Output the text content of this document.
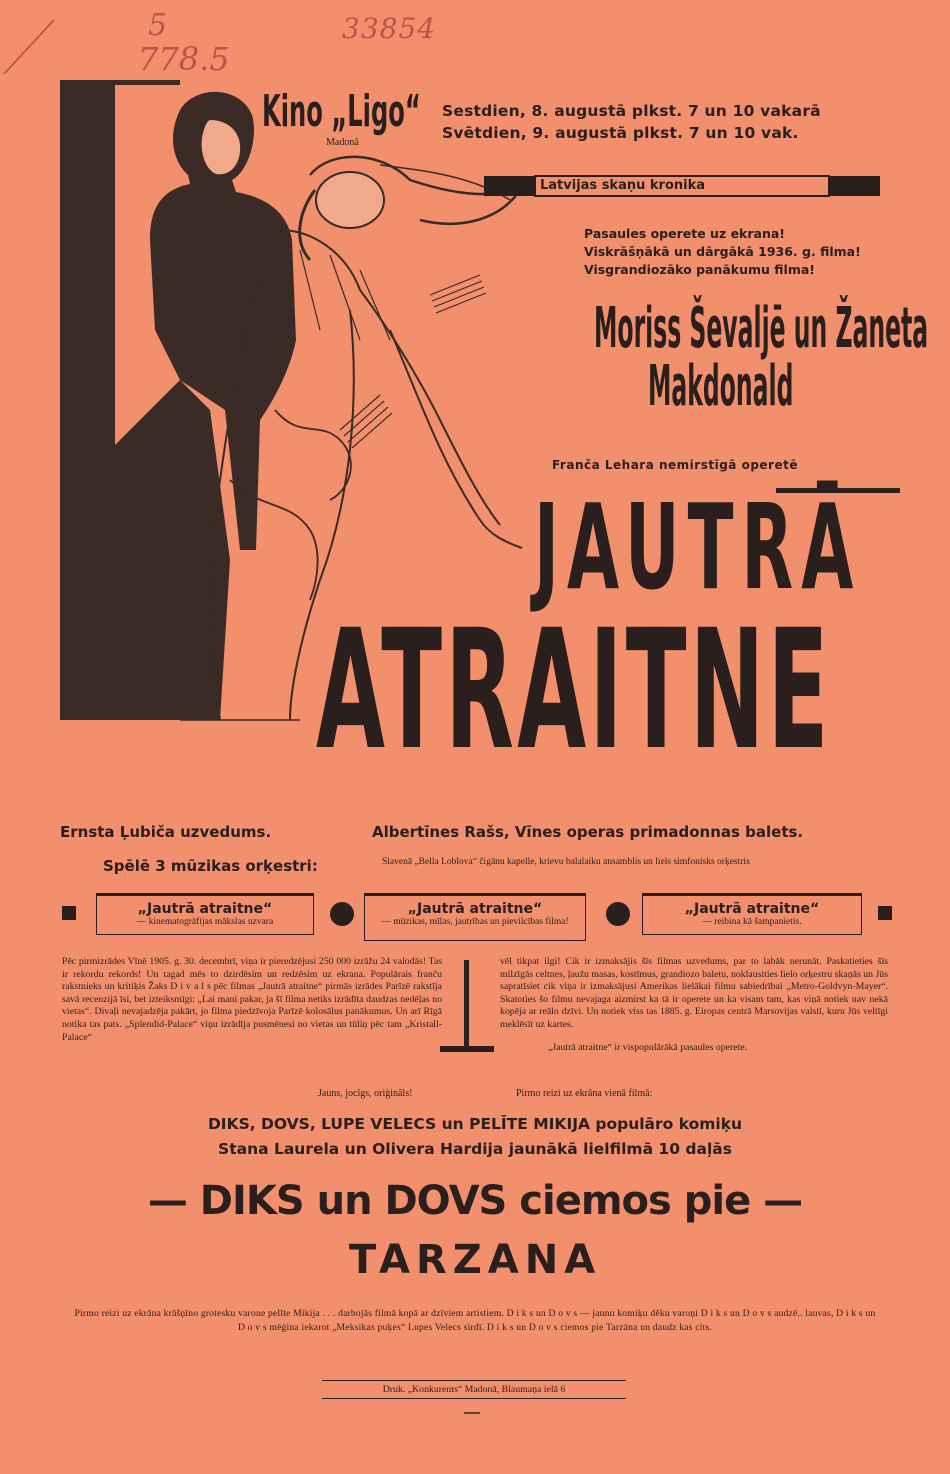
33854
5
778.5
Kino „Ligo“
Madonā
Sestdien, 8. augustā plkst. 7 un 10 vakarā
Svētdien, 9. augustā plkst. 7 un 10 vak.
Latvijas skaņu kronika
Pasaules operete uz ekrana!
Viskrāšņākā un dārgākā 1936. g. filma!
Visgrandiozāko panākumu filma!
Moriss Ševaljē un Žaneta
Makdonald
Franča Lehara nemirstīgā operetē
JAUTRĀ
ATRAITNE
Ernsta Ļubiča uzvedums.	Albertīnes Rašs, Vīnes operas primadonnas balets.
Spēlē 3 mūzikas orķestri:	Slavenā „Bella Loblova“ čigānu kapelle, krievu balalaiku ansamblis un liels simfonisks orķestris
„Jautrā atraitne“
— kinematogrāfijas mākslas uzvara
„Jautrā atraitne“
— mūzikas, mīlas, jautrības un pievilcības filma!
„Jautrā atraitne“
— reibina kā šampanietis.
Pēc pirmizrādes Vīnē 1905. g. 30. decembrī, viņa ir pieredzējusi 250 000 izrāžu 24 valodās! Tas ir rekordu rekords! Un tagad mēs to dzirdēsim un redzēsim uz ekrana. Populārais franču rakstnieks un kritiķis Žaks D i v a l s pēc filmas „Jautrā atraitne“ pirmās izrādes Parīzē rakstīja savā recenzijā īsi, bet izteiksmīgi: „Lai mani pakar, ja šī filma netiks izrādīta daudzas nedēļas no vietas“. Divaļi nevajadzēja pakārt, jo filma piedzīvoja Parīzē kolosālus panākumus. Un arī Rīgā notika tas pats. „Splendid-Palace“ viņu izrādīja pusmēnesi no vietas un tūliņ pēc tam „Kristall-Palace“
vēl tikpat ilgi! Cik ir izmaksājis šīs filmas uzvedums, par to labāk nerunāt. Paskatieties šīs milzīgās celtnes, ļaužu masas, kostīmus, grandiozo baletu, noklausities lielo orķestru skaņās un Jūs sapratīsiet cik viņa ir izmaksājusi Amerikas lielākai filmu sabiedrībai „Metro-Goldvyn-Mayer“. Skatoties šo filmu nevajaga aizmirst ka tā ir operete un ka visam tam, kas viņā notiek nav nekā kopēja ar reālo dzīvi. Un notiek viss tas 1885. g. Eiropas centrā Marsovijas valstī, kuru Jūs veltīgi meklēsīt uz kartes.
„Jautrā atraitne“ ir vispopulārākā pasaules operete.
Jauns, jocīgs, oriģināls!	Pirmo reizi uz ekrāna vienā filmā:
DIKS, DOVS, LUPE VELECS un PELĪTE MIKIJA populāro komiķu
Stana Laurela un Olivera Hardija jaunākā lielfilmā 10 daļās
— DIKS un DOVS ciemos pie —
TARZANA
Pirmo reizi uz ekrāna krāšņīno grotesku varone pelīte Mikija . . . darbojās filmā kopā ar dzīviem artistiem. D i k s un D o v s — jaunu komiķu dēku varoņi D i k s un D o v s audzē.. lauvas, D i k s un D o v s mēģina iekarot „Meksikas puķes“ Lupes Velecs sirdī. D i k s un D o v s ciemos pie Tarzāna un daudz kas cits.
Druk. „Konkurents“ Madonā, Blaumaņa ielā 6
